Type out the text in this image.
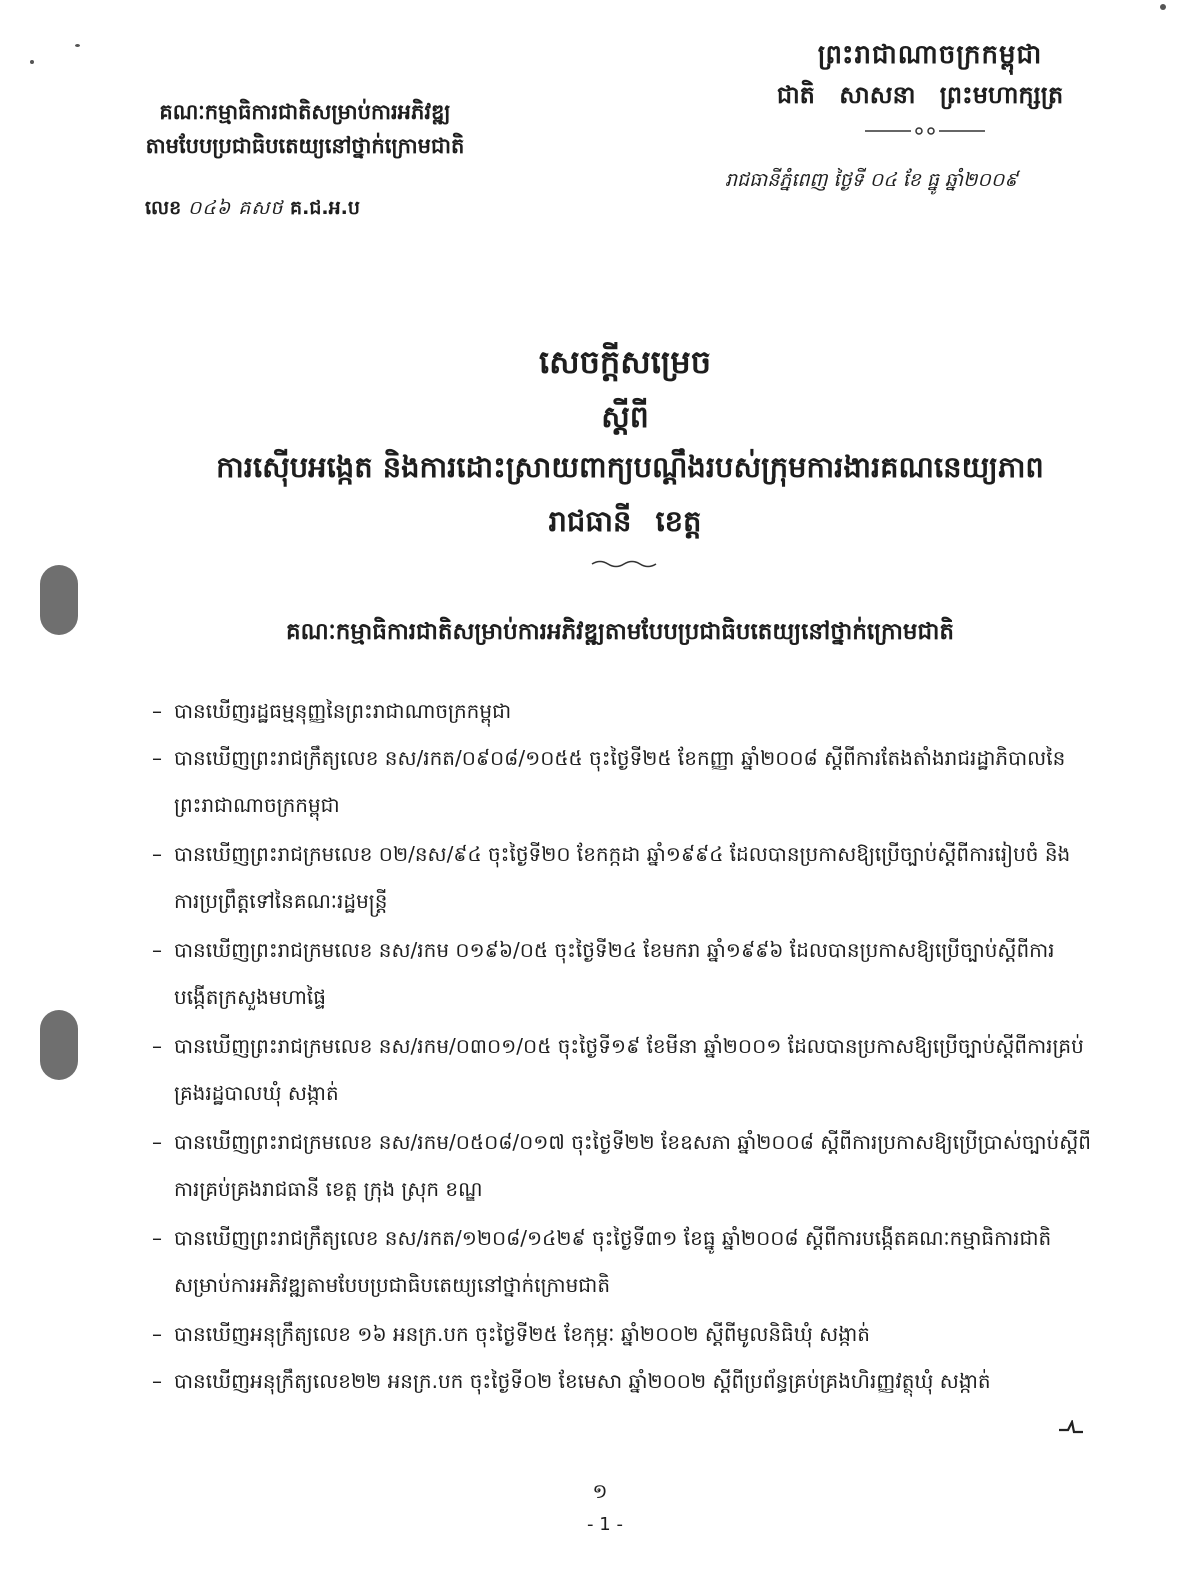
ព្រះរាជាណាចក្រកម្ពុជា
ជាតិ សាសនា ព្រះមហាក្សត្រ
គណៈកម្មាធិការជាតិសម្រាប់ការអភិវឌ្ឍ
តាមបែបប្រជាធិបតេយ្យនៅថ្នាក់ក្រោមជាតិ
លេខ ០៤៦ គសថ គ.ជ.អ.ប
រាជធានីភ្នំពេញ ថ្ងៃទី ០៤ ខែ ធ្នូ ឆ្នាំ២០០៩
សេចក្តីសម្រេច
ស្តីពី
ការស៊ើបអង្កេត និងការដោះស្រាយពាក្យបណ្តឹងរបស់ក្រុមការងារគណនេយ្យភាព
រាជធានី ខេត្ត
គណៈកម្មាធិការជាតិសម្រាប់ការអភិវឌ្ឍតាមបែបប្រជាធិបតេយ្យនៅថ្នាក់ក្រោមជាតិ
– បានឃើញរដ្ឋធម្មនុញ្ញនៃព្រះរាជាណាចក្រកម្ពុជា
– បានឃើញព្រះរាជក្រឹត្យលេខ នស/រកត/០៩០៨/១០៥៥ ចុះថ្ងៃទី២៥ ខែកញ្ញា ឆ្នាំ២០០៨ ស្តីពីការតែងតាំងរាជរដ្ឋាភិបាលនៃព្រះរាជាណាចក្រកម្ពុជា
– បានឃើញព្រះរាជក្រមលេខ ០២/នស/៩៤ ចុះថ្ងៃទី២០ ខែកក្កដា ឆ្នាំ១៩៩៤ ដែលបានប្រកាសឱ្យប្រើច្បាប់ស្តីពីការរៀបចំ និងការប្រព្រឹត្តទៅនៃគណៈរដ្ឋមន្ត្រី
– បានឃើញព្រះរាជក្រមលេខ នស/រកម ០១៩៦/០៥ ចុះថ្ងៃទី២៤ ខែមករា ឆ្នាំ១៩៩៦ ដែលបានប្រកាសឱ្យប្រើច្បាប់ស្តីពីការបង្កើតក្រសួងមហាផ្ទៃ
– បានឃើញព្រះរាជក្រមលេខ នស/រកម/០៣០១/០៥ ចុះថ្ងៃទី១៩ ខែមីនា ឆ្នាំ២០០១ ដែលបានប្រកាសឱ្យប្រើច្បាប់ស្តីពីការគ្រប់គ្រងរដ្ឋបាលឃុំ សង្កាត់
– បានឃើញព្រះរាជក្រមលេខ នស/រកម/០៥០៨/០១៧ ចុះថ្ងៃទី២២ ខែឧសភា ឆ្នាំ២០០៨ ស្តីពីការប្រកាសឱ្យប្រើប្រាស់ច្បាប់ស្តីពីការគ្រប់គ្រងរាជធានី ខេត្ត ក្រុង ស្រុក ខណ្ឌ
– បានឃើញព្រះរាជក្រឹត្យលេខ នស/រកត/១២០៨/១៤២៩ ចុះថ្ងៃទី៣១ ខែធ្នូ ឆ្នាំ២០០៨ ស្តីពីការបង្កើតគណៈកម្មាធិការជាតិសម្រាប់ការអភិវឌ្ឍតាមបែបប្រជាធិបតេយ្យនៅថ្នាក់ក្រោមជាតិ
– បានឃើញអនុក្រឹត្យលេខ ១៦ អនក្រ.បក ចុះថ្ងៃទី២៥ ខែកុម្ភៈ ឆ្នាំ២០០២ ស្តីពីមូលនិធិឃុំ សង្កាត់
– បានឃើញអនុក្រឹត្យលេខ២២ អនក្រ.បក ចុះថ្ងៃទី០២ ខែមេសា ឆ្នាំ២០០២ ស្តីពីប្រព័ន្ធគ្រប់គ្រងហិរញ្ញវត្ថុឃុំ សង្កាត់
១
- 1 -
